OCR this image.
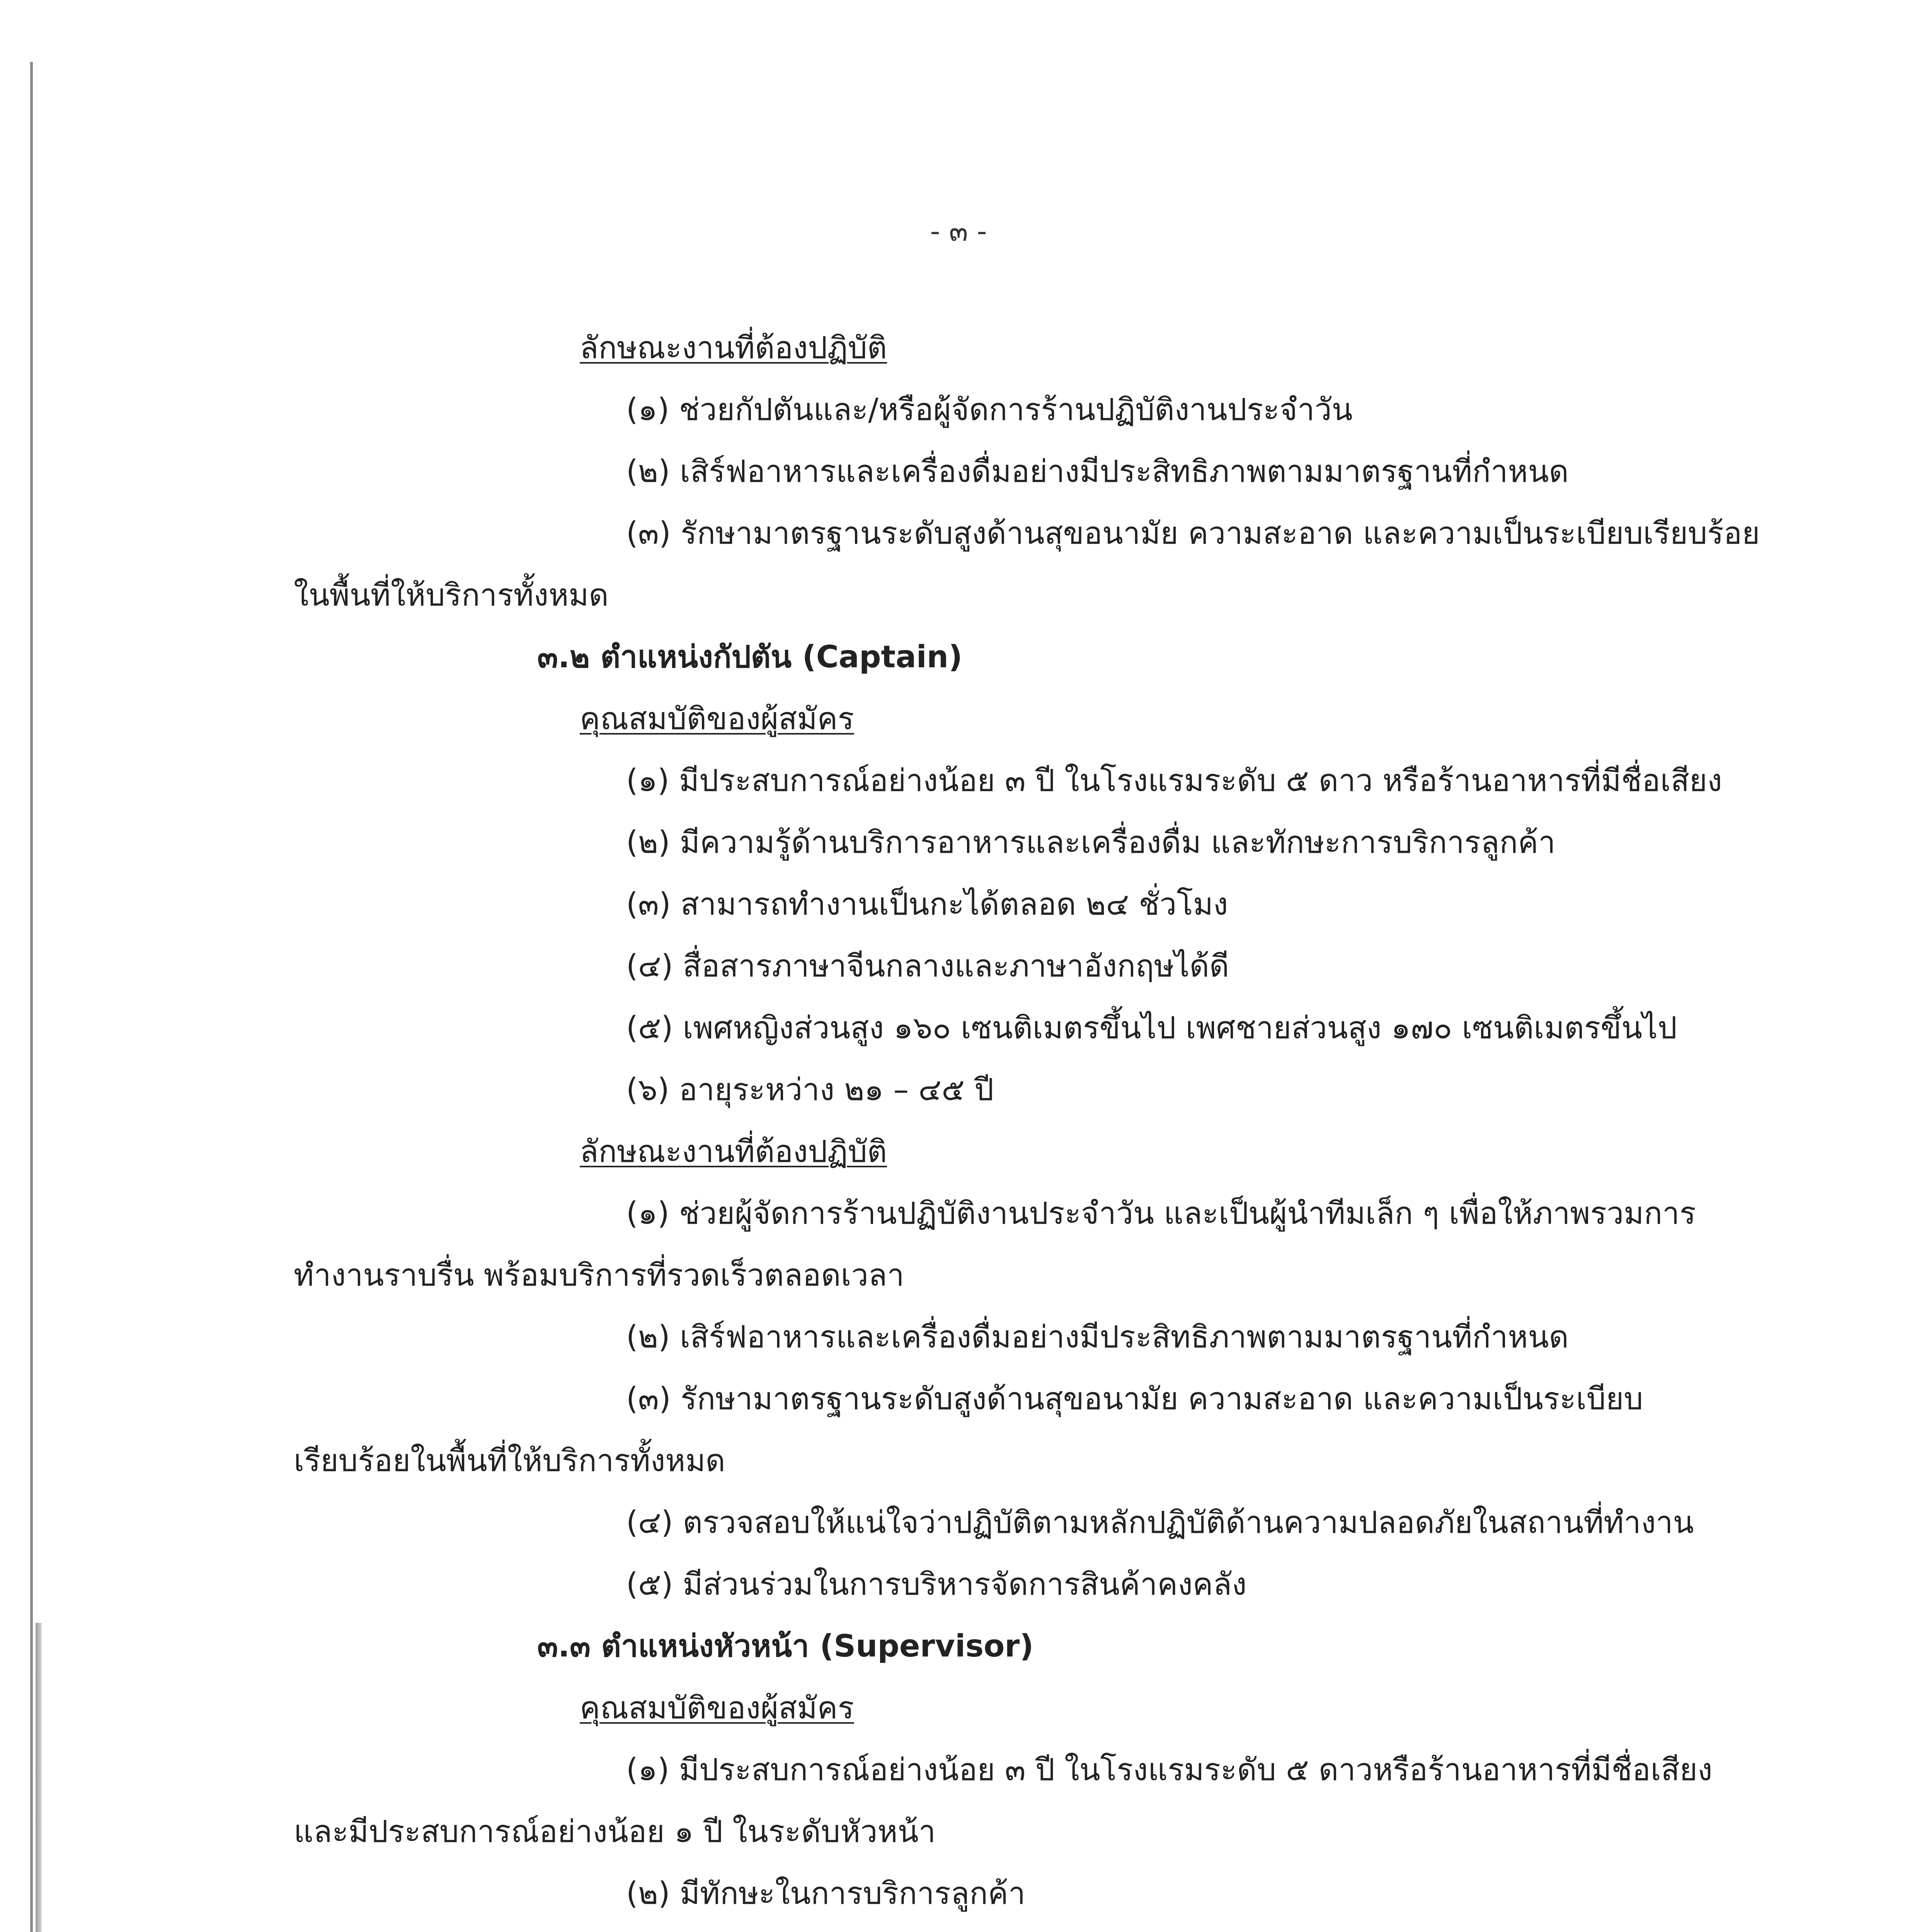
- ๓ -
ลักษณะงานที่ต้องปฏิบัติ
(๑) ช่วยกัปตันและ/หรือผู้จัดการร้านปฏิบัติงานประจำวัน
(๒) เสิร์ฟอาหารและเครื่องดื่มอย่างมีประสิทธิภาพตามมาตรฐานที่กำหนด
(๓) รักษามาตรฐานระดับสูงด้านสุขอนามัย ความสะอาด และความเป็นระเบียบเรียบร้อย
ในพื้นที่ให้บริการทั้งหมด
๓.๒ ตำแหน่งกัปตัน (Captain)
คุณสมบัติของผู้สมัคร
(๑) มีประสบการณ์อย่างน้อย ๓ ปี ในโรงแรมระดับ ๕ ดาว หรือร้านอาหารที่มีชื่อเสียง
(๒) มีความรู้ด้านบริการอาหารและเครื่องดื่ม และทักษะการบริการลูกค้า
(๓) สามารถทำงานเป็นกะได้ตลอด ๒๔ ชั่วโมง
(๔) สื่อสารภาษาจีนกลางและภาษาอังกฤษได้ดี
(๕) เพศหญิงส่วนสูง ๑๖๐ เซนติเมตรขึ้นไป เพศชายส่วนสูง ๑๗๐ เซนติเมตรขึ้นไป
(๖) อายุระหว่าง ๒๑ – ๔๕ ปี
ลักษณะงานที่ต้องปฏิบัติ
(๑) ช่วยผู้จัดการร้านปฏิบัติงานประจำวัน และเป็นผู้นำทีมเล็ก ๆ เพื่อให้ภาพรวมการ
ทำงานราบรื่น พร้อมบริการที่รวดเร็วตลอดเวลา
(๒) เสิร์ฟอาหารและเครื่องดื่มอย่างมีประสิทธิภาพตามมาตรฐานที่กำหนด
(๓) รักษามาตรฐานระดับสูงด้านสุขอนามัย ความสะอาด และความเป็นระเบียบ
เรียบร้อยในพื้นที่ให้บริการทั้งหมด
(๔) ตรวจสอบให้แน่ใจว่าปฏิบัติตามหลักปฏิบัติด้านความปลอดภัยในสถานที่ทำงาน
(๕) มีส่วนร่วมในการบริหารจัดการสินค้าคงคลัง
๓.๓ ตำแหน่งหัวหน้า (Supervisor)
คุณสมบัติของผู้สมัคร
(๑) มีประสบการณ์อย่างน้อย ๓ ปี ในโรงแรมระดับ ๕ ดาวหรือร้านอาหารที่มีชื่อเสียง
และมีประสบการณ์อย่างน้อย ๑ ปี ในระดับหัวหน้า
(๒) มีทักษะในการบริการลูกค้า
